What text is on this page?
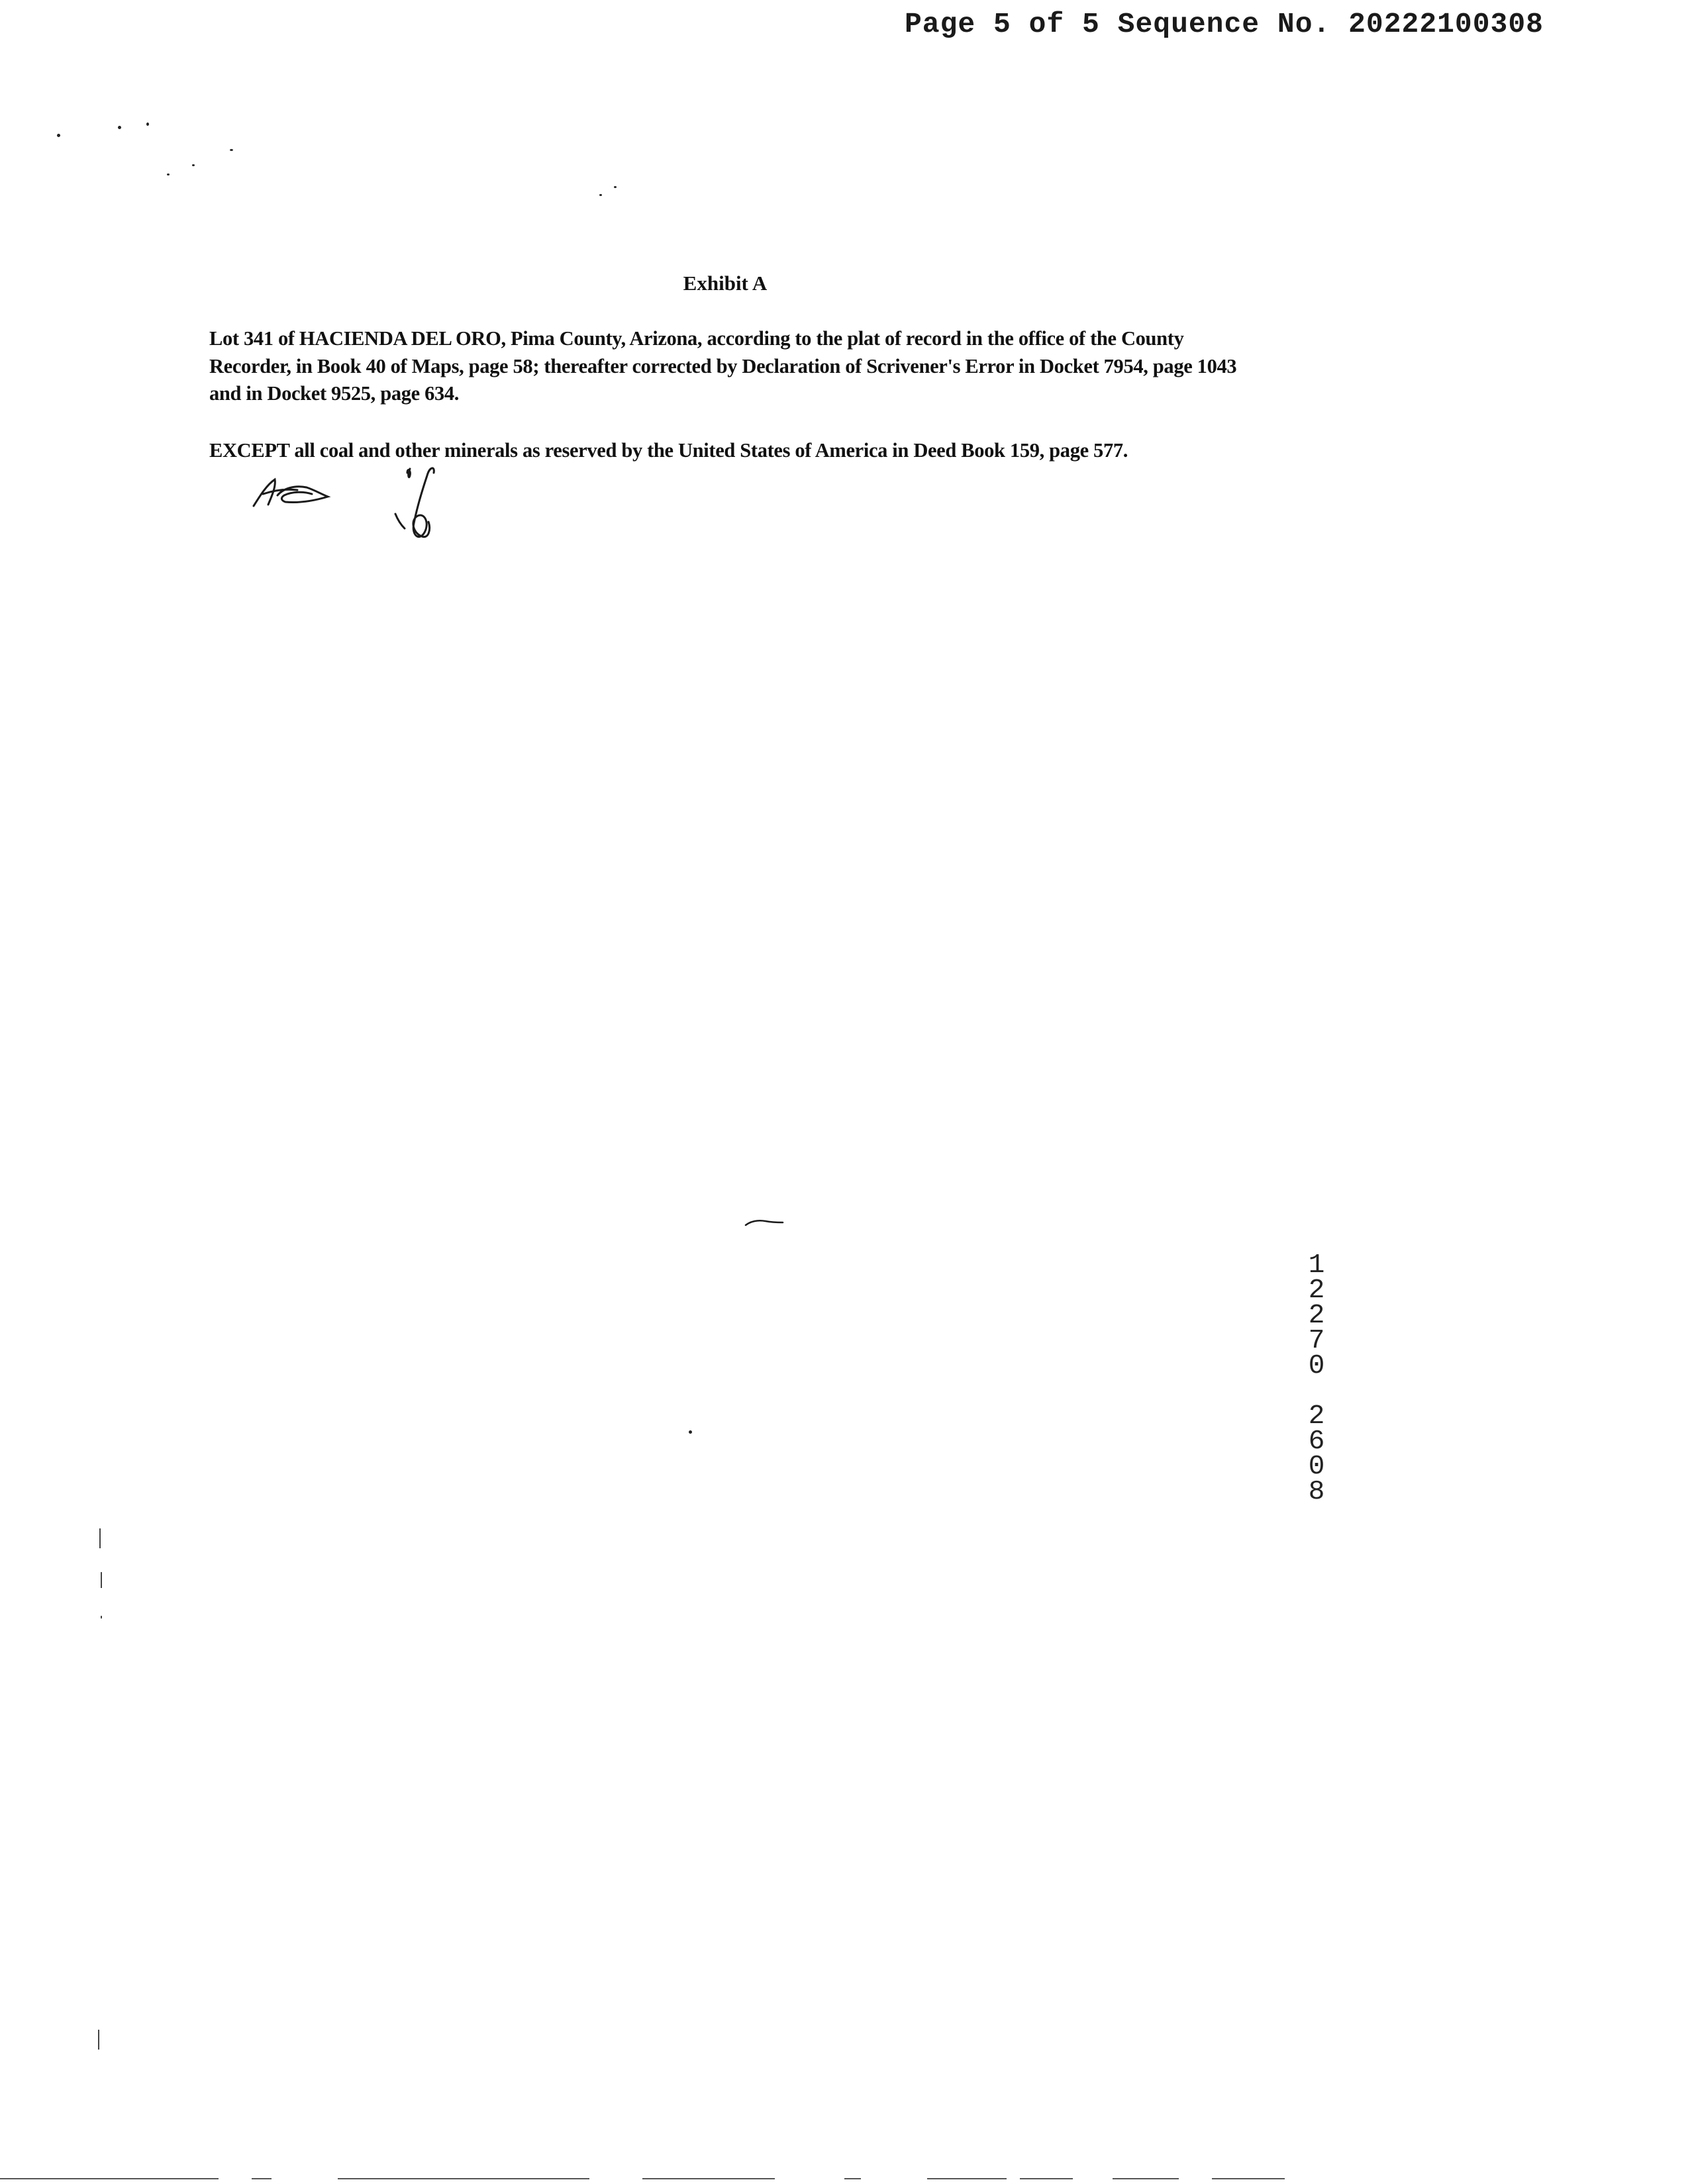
Page 5 of 5 Sequence No. 20222100308
Exhibit A

Lot 341 of HACIENDA DEL ORO, Pima County, Arizona, according to the plat of record in the office of the County Recorder, in Book 40 of Maps, page 58; thereafter corrected by Declaration of Scrivener's Error in Docket 7954, page 1043 and in Docket 9525, page 634.

EXCEPT all coal and other minerals as reserved by the United States of America in Deed Book 159, page 577.

1
2
2
7
0
2
6
0
8
